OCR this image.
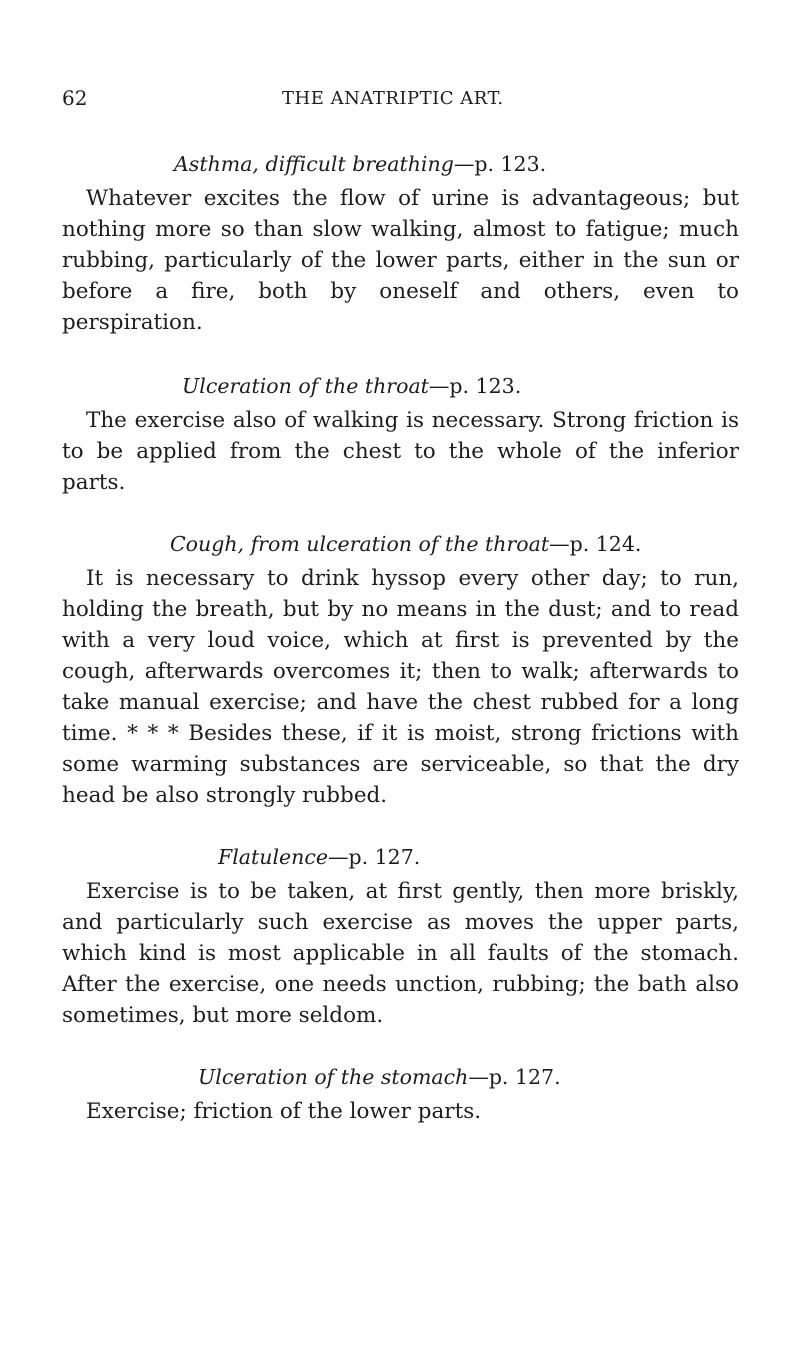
62	THE ANATRIPTIC ART.

Asthma, difficult breathing—p. 123.

Whatever excites the flow of urine is advantageous; but nothing more so than slow walking, almost to fatigue; much rubbing, particularly of the lower parts, either in the sun or before a fire, both by oneself and others, even to perspiration.

Ulceration of the throat—p. 123.

The exercise also of walking is necessary. Strong friction is to be applied from the chest to the whole of the inferior parts.

Cough, from ulceration of the throat—p. 124.

It is necessary to drink hyssop every other day; to run, holding the breath, but by no means in the dust; and to read with a very loud voice, which at first is prevented by the cough, afterwards overcomes it; then to walk; afterwards to take manual exercise; and have the chest rubbed for a long time. * * * Besides these, if it is moist, strong frictions with some warming substances are serviceable, so that the dry head be also strongly rubbed.

Flatulence—p. 127.

Exercise is to be taken, at first gently, then more briskly, and particularly such exercise as moves the upper parts, which kind is most applicable in all faults of the stomach. After the exercise, one needs unction, rubbing; the bath also sometimes, but more seldom.

Ulceration of the stomach—p. 127.

Exercise; friction of the lower parts.
